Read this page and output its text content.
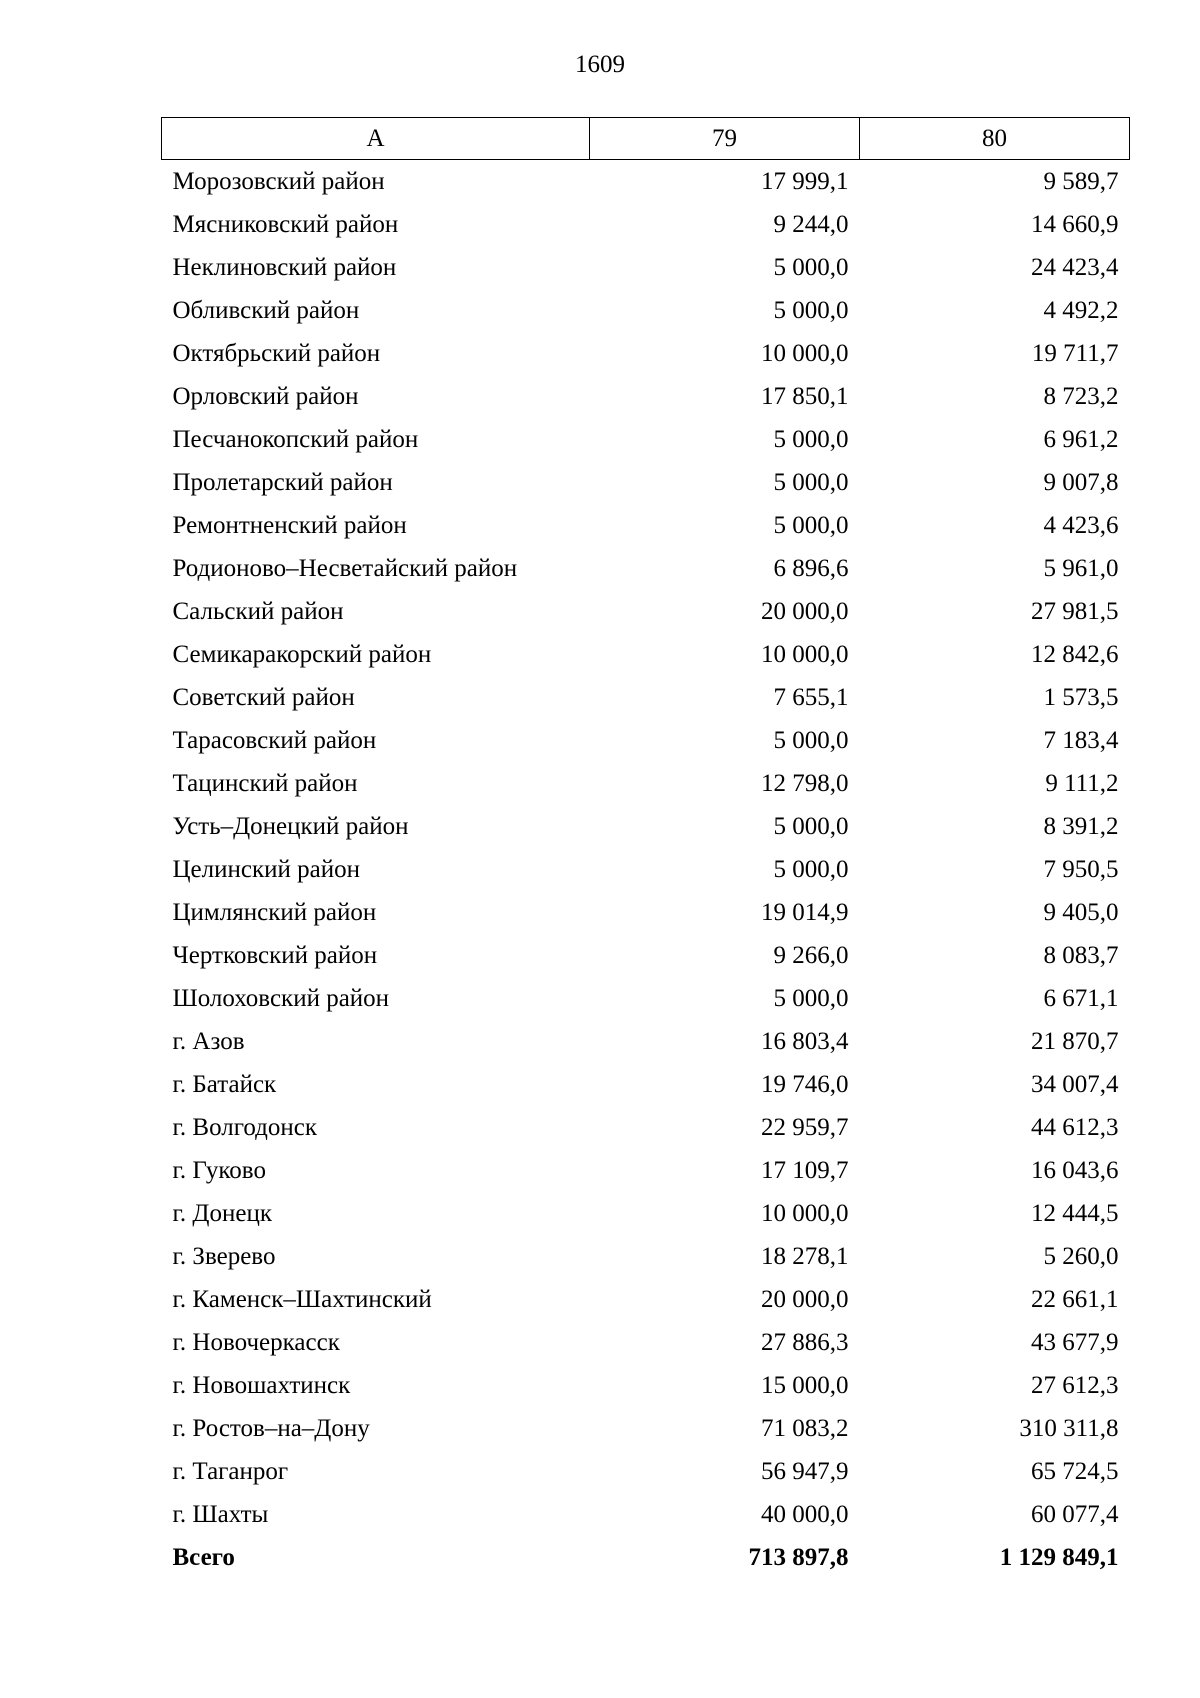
1609
А	79	80
Морозовский район	17 999,1	9 589,7
Мясниковский район	9 244,0	14 660,9
Неклиновский район	5 000,0	24 423,4
Обливский район	5 000,0	4 492,2
Октябрьский район	10 000,0	19 711,7
Орловский район	17 850,1	8 723,2
Песчанокопский район	5 000,0	6 961,2
Пролетарский район	5 000,0	9 007,8
Ремонтненский район	5 000,0	4 423,6
Родионово–Несветайский район	6 896,6	5 961,0
Сальский район	20 000,0	27 981,5
Семикаракорский район	10 000,0	12 842,6
Советский район	7 655,1	1 573,5
Тарасовский район	5 000,0	7 183,4
Тацинский район	12 798,0	9 111,2
Усть–Донецкий район	5 000,0	8 391,2
Целинский район	5 000,0	7 950,5
Цимлянский район	19 014,9	9 405,0
Чертковский район	9 266,0	8 083,7
Шолоховский район	5 000,0	6 671,1
г. Азов	16 803,4	21 870,7
г. Батайск	19 746,0	34 007,4
г. Волгодонск	22 959,7	44 612,3
г. Гуково	17 109,7	16 043,6
г. Донецк	10 000,0	12 444,5
г. Зверево	18 278,1	5 260,0
г. Каменск–Шахтинский	20 000,0	22 661,1
г. Новочеркасск	27 886,3	43 677,9
г. Новошахтинск	15 000,0	27 612,3
г. Ростов–на–Дону	71 083,2	310 311,8
г. Таганрог	56 947,9	65 724,5
г. Шахты	40 000,0	60 077,4
Всего	713 897,8	1 129 849,1
